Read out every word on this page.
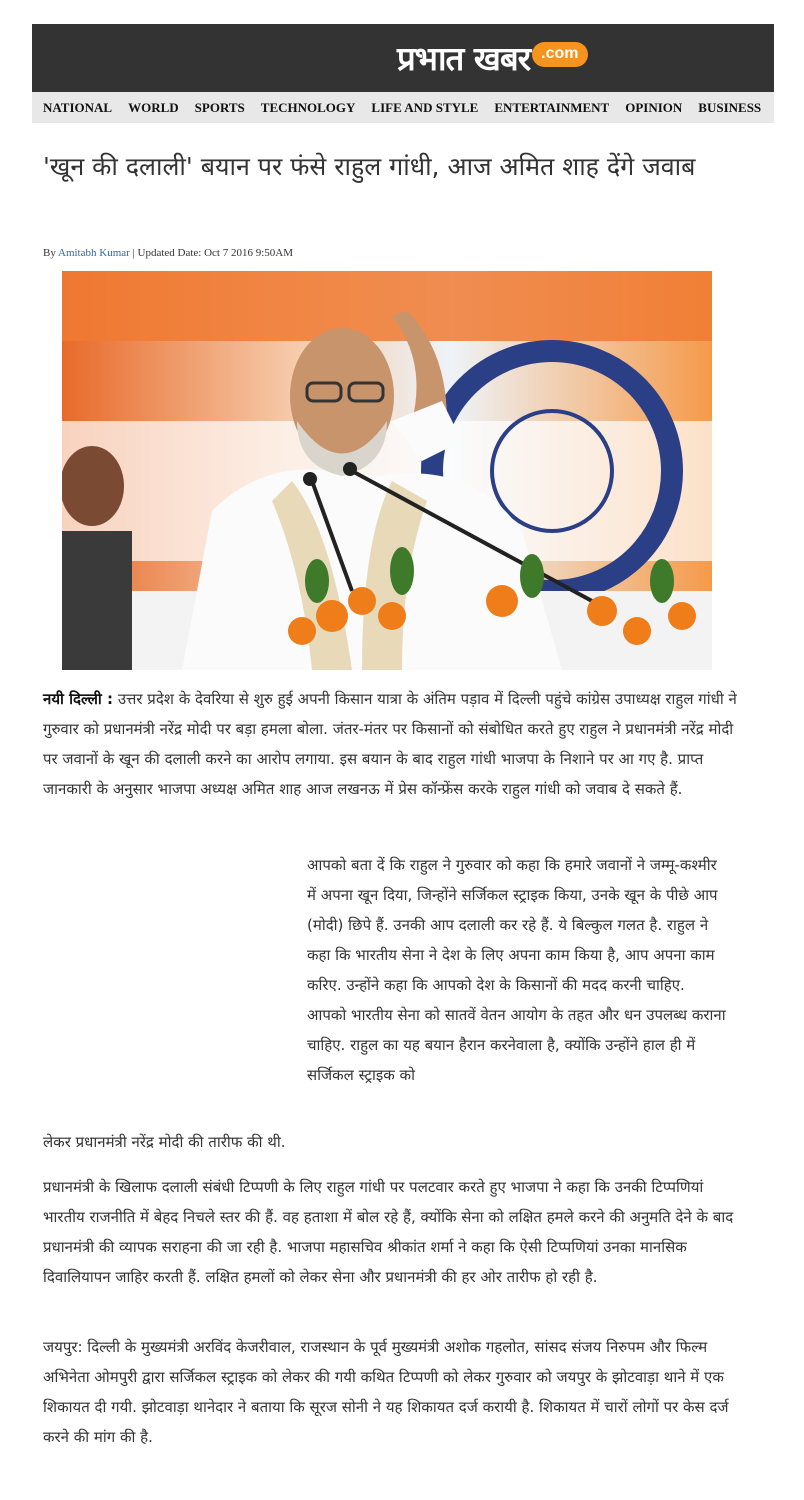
प्रभात खबर .com
NATIONAL WORLD SPORTS TECHNOLOGY LIFE AND STYLE ENTERTAINMENT OPINION BUSINESS
'खून की दलाली' बयान पर फंसे राहुल गांधी, आज अमित शाह देंगे जवाब
By Amitabh Kumar | Updated Date: Oct 7 2016 9:50AM

नयी दिल्ली : उत्तर प्रदेश के देवरिया से शुरु हुई अपनी किसान यात्रा के अंतिम पड़ाव में दिल्ली पहुंचे कांग्रेस उपाध्यक्ष राहुल गांधी ने गुरुवार को प्रधानमंत्री नरेंद्र मोदी पर बड़ा हमला बोला. जंतर-मंतर पर किसानों को संबोधित करते हुए राहुल ने प्रधानमंत्री नरेंद्र मोदी पर जवानों के खून की दलाली करने का आरोप लगाया. इस बयान के बाद राहुल गांधी भाजपा के निशाने पर आ गए है. प्राप्त जानकारी के अनुसार भाजपा अध्यक्ष अमित शाह आज लखनऊ में प्रेस कॉन्फ्रेंस करके राहुल गांधी को जवाब दे सकते हैं.

आपको बता दें कि राहुल ने गुरुवार को कहा कि हमारे जवानों ने जम्मू-कश्मीर में अपना खून दिया, जिन्होंने सर्जिकल स्ट्राइक किया, उनके खून के पीछे आप (मोदी) छिपे हैं. उनकी आप दलाली कर रहे हैं. ये बिल्कुल गलत है. राहुल ने कहा कि भारतीय सेना ने देश के लिए अपना काम किया है, आप अपना काम करिए. उन्होंने कहा कि आपको देश के किसानों की मदद करनी चाहिए. आपको भारतीय सेना को सातवें वेतन आयोग के तहत और धन उपलब्ध कराना चाहिए. राहुल का यह बयान हैरान करनेवाला है, क्योंकि उन्होंने हाल ही में सर्जिकल स्ट्राइक को

लेकर प्रधानमंत्री नरेंद्र मोदी की तारीफ की थी.

प्रधानमंत्री के खिलाफ दलाली संबंधी टिप्पणी के लिए राहुल गांधी पर पलटवार करते हुए भाजपा ने कहा कि उनकी टिप्पणियां भारतीय राजनीति में बेहद निचले स्तर की हैं. वह हताशा में बोल रहे हैं, क्योंकि सेना को लक्षित हमले करने की अनुमति देने के बाद प्रधानमंत्री की व्यापक सराहना की जा रही है. भाजपा महासचिव श्रीकांत शर्मा ने कहा कि ऐसी टिप्पणियां उनका मानसिक दिवालियापन जाहिर करती हैं. लक्षित हमलों को लेकर सेना और प्रधानमंत्री की हर ओर तारीफ हो रही है.

जयपुर: दिल्ली के मुख्यमंत्री अरविंद केजरीवाल, राजस्थान के पूर्व मुख्यमंत्री अशोक गहलोत, सांसद संजय निरुपम और फिल्म अभिनेता ओमपुरी द्वारा सर्जिकल स्ट्राइक को लेकर की गयी कथित टिप्पणी को लेकर गुरुवार को जयपुर के झोटवाड़ा थाने में एक शिकायत दी गयी. झोटवाड़ा थानेदार ने बताया कि सूरज सोनी ने यह शिकायत दर्ज करायी है. शिकायत में चारों लोगों पर केस दर्ज करने की मांग की है.
